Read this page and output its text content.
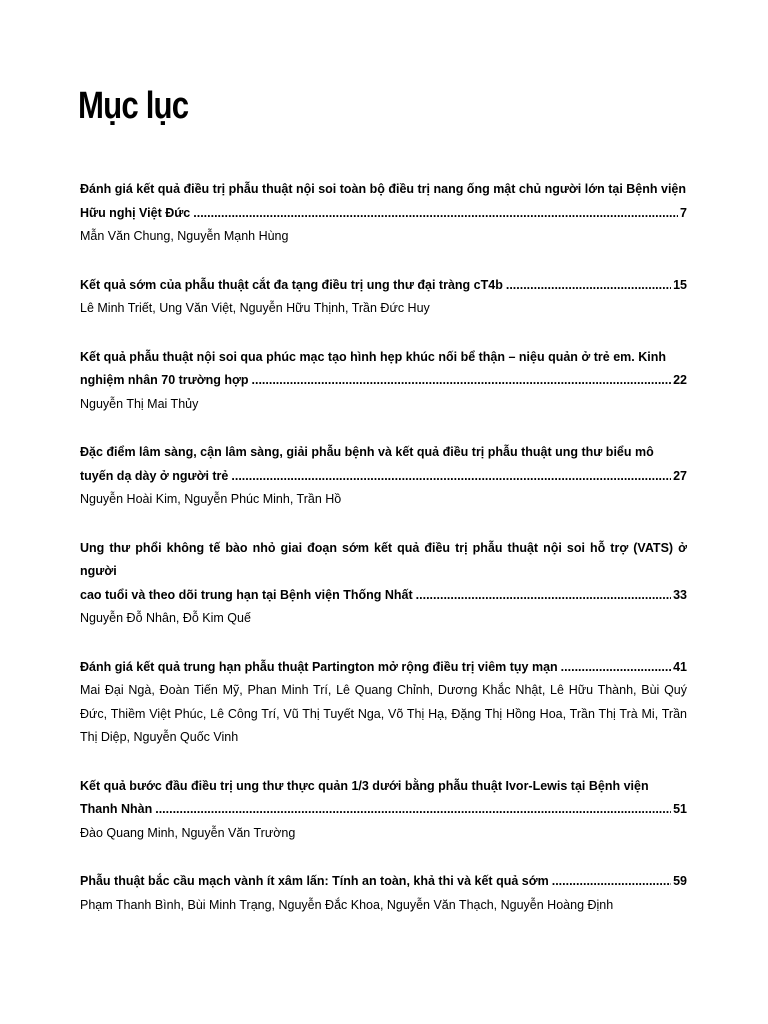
Mục lục

Đánh giá kết quả điều trị phẫu thuật nội soi toàn bộ điều trị nang ống mật chủ người lớn tại Bệnh viện

Hữu nghị Việt Đức .....	7

Mẫn Văn Chung, Nguyễn Mạnh Hùng

Kết quả sớm của phẫu thuật cắt đa tạng điều trị ung thư đại tràng cT4b .....	15

Lê Minh Triết, Ung Văn Việt, Nguyễn Hữu Thịnh, Trần Đức Huy

Kết quả phẫu thuật nội soi qua phúc mạc tạo hình hẹp khúc nối bể thận – niệu quản ở trẻ em. Kinh

nghiệm nhân 70 trường hợp .....	22

Nguyễn Thị Mai Thủy

Đặc điểm lâm sàng, cận lâm sàng, giải phẫu bệnh và kết quả điều trị phẫu thuật ung thư biểu mô

tuyến dạ dày ở người trẻ .....	27

Nguyễn Hoài Kim, Nguyễn Phúc Minh, Trần Hồ

Ung thư phổi không tế bào nhỏ giai đoạn sớm kết quả điều trị phẫu thuật nội soi hỗ trợ (VATS) ở người

cao tuổi và theo dõi trung hạn tại Bệnh viện Thống Nhất .....	33

Nguyễn Đỗ Nhân, Đỗ Kim Quế

Đánh giá kết quả trung hạn phẫu thuật Partington mở rộng điều trị viêm tụy mạn .....	41

Mai Đại Ngà, Đoàn Tiến Mỹ, Phan Minh Trí, Lê Quang Chỉnh, Dương Khắc Nhật, Lê Hữu Thành, Bùi Quý Đức, Thiềm Việt Phúc, Lê Công Trí, Vũ Thị Tuyết Nga, Võ Thị Hạ, Đặng Thị Hồng Hoa, Trần Thị Trà Mi, Trần Thị Diệp, Nguyễn Quốc Vinh

Kết quả bước đầu điều trị ung thư thực quản 1/3 dưới bằng phẫu thuật Ivor-Lewis tại Bệnh viện

Thanh Nhàn .....	51

Đào Quang Minh, Nguyễn Văn Trường

Phẫu thuật bắc cầu mạch vành ít xâm lấn: Tính an toàn, khả thi và kết quả sớm .....	59

Phạm Thanh Bình, Bùi Minh Trạng, Nguyễn Đắc Khoa, Nguyễn Văn Thạch, Nguyễn Hoàng Định
